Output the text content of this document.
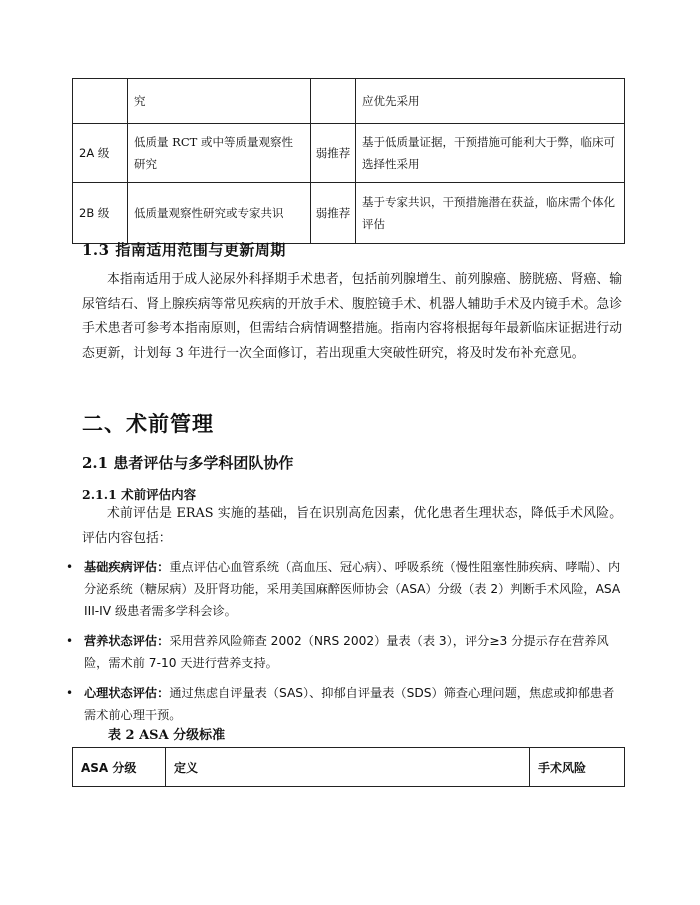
	究		应优先采用
2A 级	低质量 RCT 或中等质量观察性研究	弱推荐	基于低质量证据，干预措施可能利大于弊，临床可选择性采用
2B 级	低质量观察性研究或专家共识	弱推荐	基于专家共识，干预措施潜在获益，临床需个体化评估
1.3 指南适用范围与更新周期
本指南适用于成人泌尿外科择期手术患者，包括前列腺增生、前列腺癌、膀胱癌、肾癌、输尿管结石、肾上腺疾病等常见疾病的开放手术、腹腔镜手术、机器人辅助手术及内镜手术。急诊手术患者可参考本指南原则，但需结合病情调整措施。指南内容将根据每年最新临床证据进行动态更新，计划每 3 年进行一次全面修订，若出现重大突破性研究，将及时发布补充意见。
二、术前管理
2.1 患者评估与多学科团队协作
2.1.1 术前评估内容
术前评估是 ERAS 实施的基础，旨在识别高危因素，优化患者生理状态，降低手术风险。评估内容包括：
• 基础疾病评估：重点评估心血管系统（高血压、冠心病）、呼吸系统（慢性阻塞性肺疾病、哮喘）、内分泌系统（糖尿病）及肝肾功能，采用美国麻醉医师协会（ASA）分级（表 2）判断手术风险，ASA III-IV 级患者需多学科会诊。
• 营养状态评估：采用营养风险筛查 2002（NRS 2002）量表（表 3），评分≥3 分提示存在营养风险，需术前 7-10 天进行营养支持。
• 心理状态评估：通过焦虑自评量表（SAS）、抑郁自评量表（SDS）筛查心理问题，焦虑或抑郁患者需术前心理干预。
表 2 ASA 分级标准
ASA 分级	定义	手术风险
